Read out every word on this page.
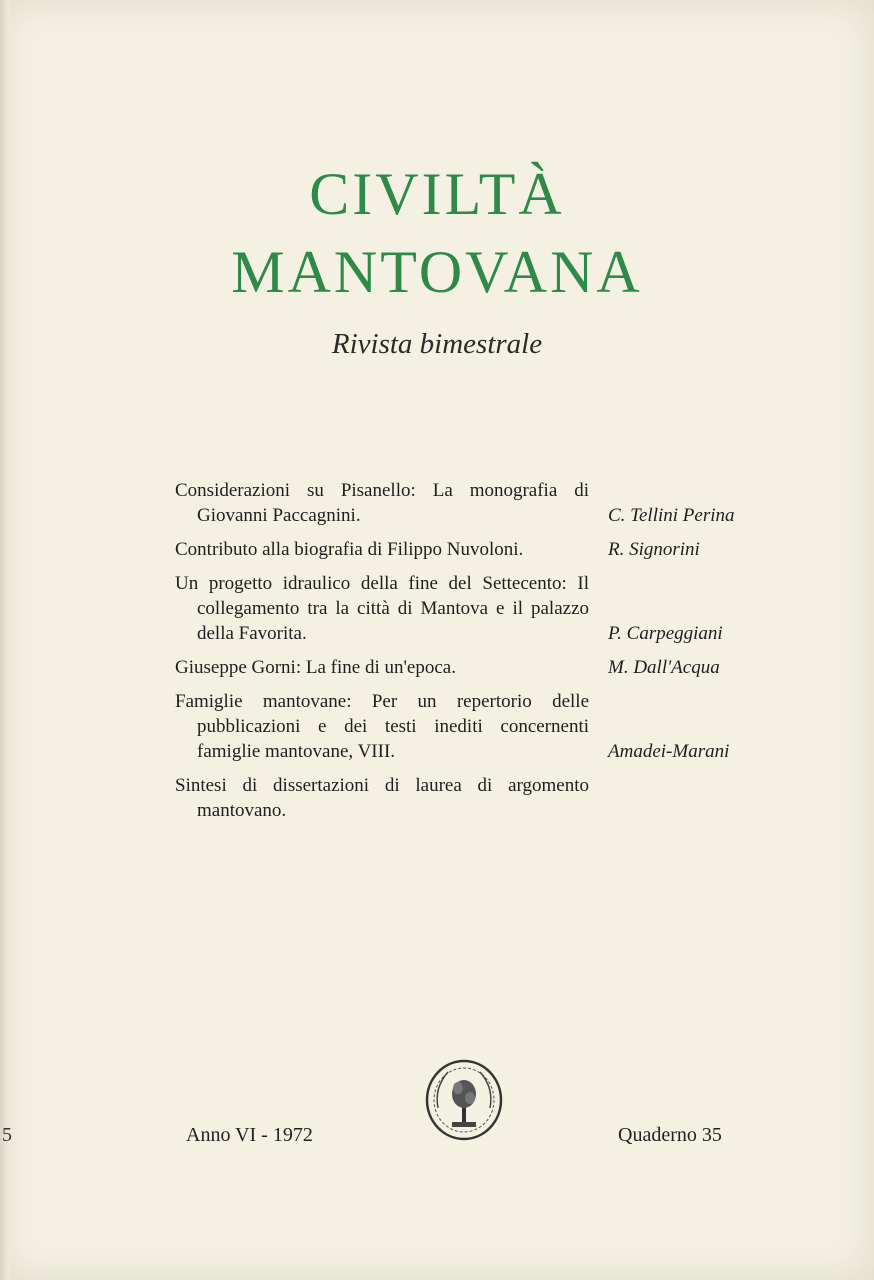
5
CIVILTÀ
MANTOVANA
Rivista bimestrale
Considerazioni su Pisanello: La monografia di Giovanni Paccagnini.	C. Tellini Perina
Contributo alla biografia di Filippo Nuvoloni.	R. Signorini
Un progetto idraulico della fine del Settecento: Il collegamento tra la città di Mantova e il palazzo della Favorita.	P. Carpeggiani
Giuseppe Gorni: La fine di un'epoca.	M. Dall'Acqua
Famiglie mantovane: Per un repertorio delle pubblicazioni e dei testi inediti concernenti famiglie mantovane, VIII.	Amadei-Marani
Sintesi di dissertazioni di laurea di argomento mantovano.
Anno VI - 1972	Quaderno 35
